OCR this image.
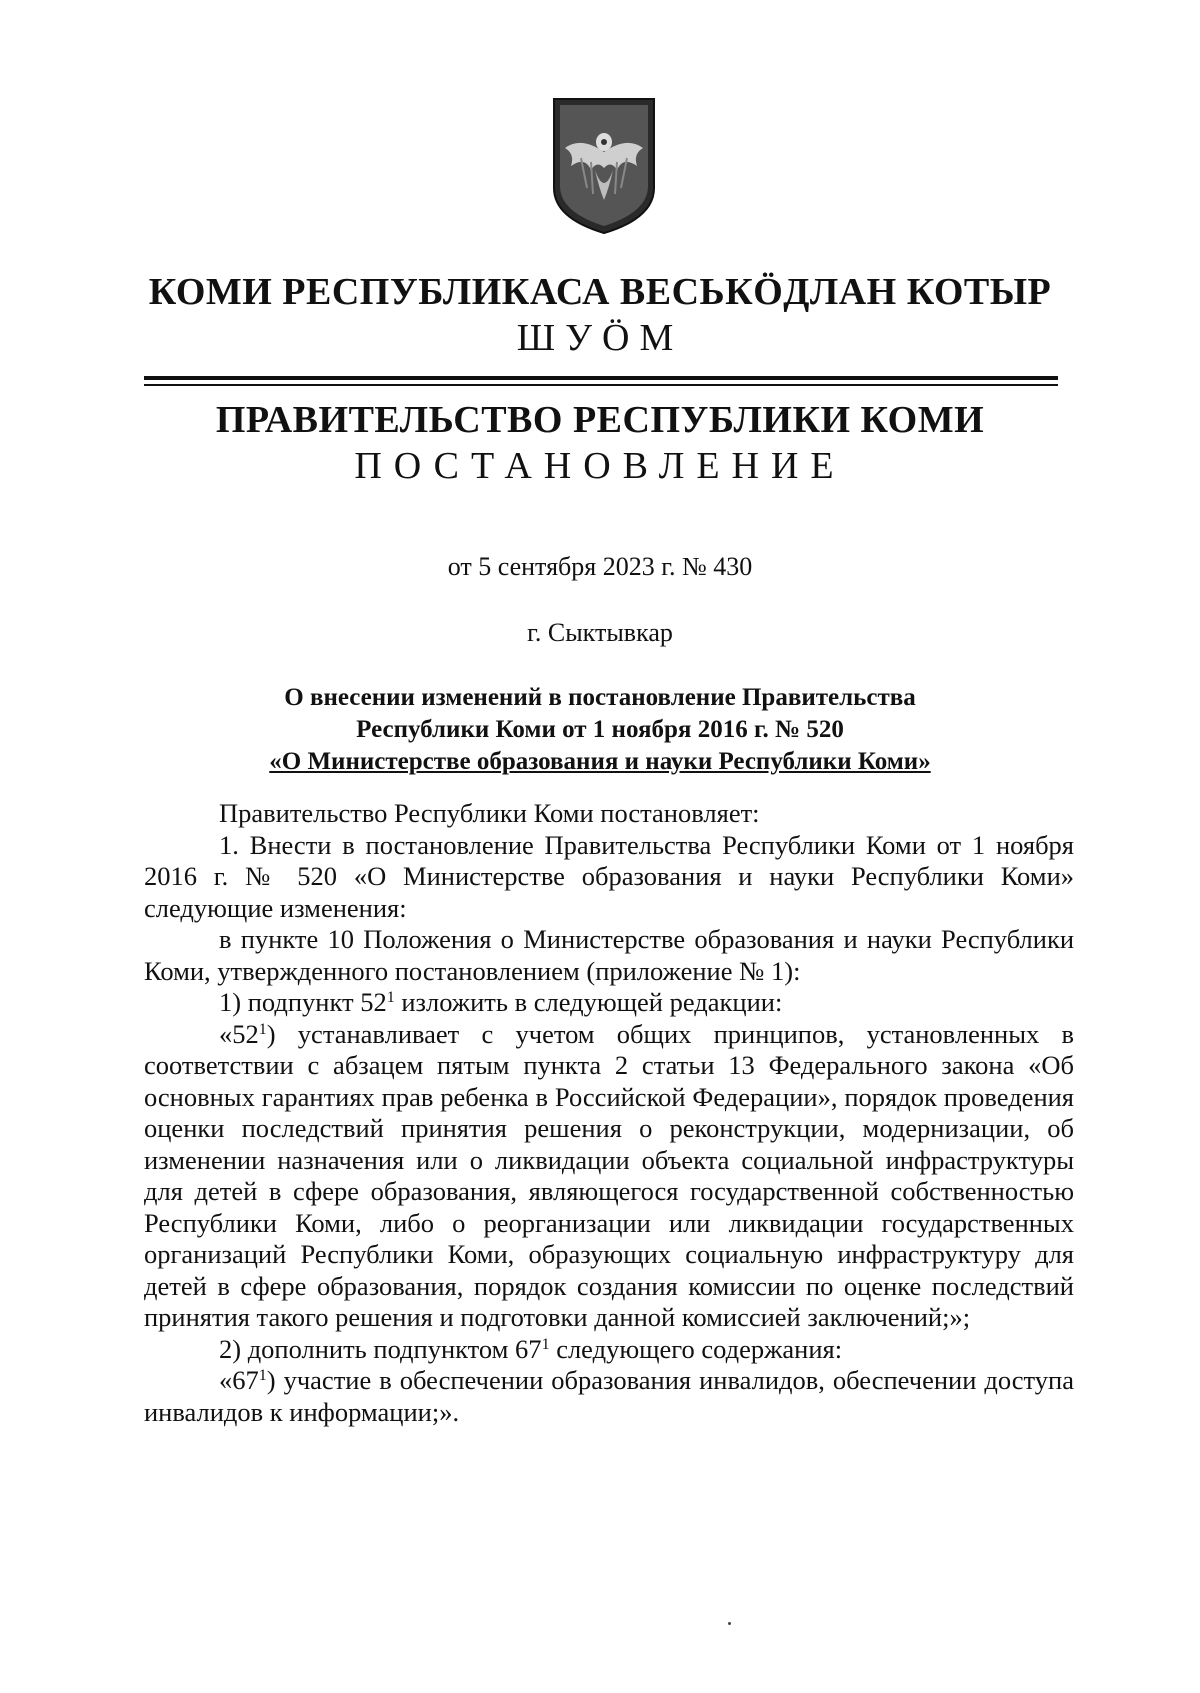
КОМИ РЕСПУБЛИКАСА ВЕСЬКÖДЛАН КОТЫР
ШУÖМ
ПРАВИТЕЛЬСТВО РЕСПУБЛИКИ КОМИ
ПОСТАНОВЛЕНИЕ
от 5 сентября 2023 г. № 430
г. Сыктывкар
О внесении изменений в постановление Правительства
Республики Коми от 1 ноября 2016 г. № 520
«О Министерстве образования и науки Республики Коми»

Правительство Республики Коми постановляет:

1. Внести в постановление Правительства Республики Коми от 1 ноября 2016 г. № 520 «О Министерстве образования и науки Республики Коми» следующие изменения:

в пункте 10 Положения о Министерстве образования и науки Республики Коми, утвержденного постановлением (приложение № 1):

1) подпункт $52^1$ изложить в следующей редакции:

«$52^1$) устанавливает с учетом общих принципов, установленных в соответствии с абзацем пятым пункта 2 статьи 13 Федерального закона «Об основных гарантиях прав ребенка в Российской Федерации», порядок проведения оценки последствий принятия решения о реконструкции, модернизации, об изменении назначения или о ликвидации объекта социальной инфраструктуры для детей в сфере образования, являющегося государственной собственностью Республики Коми, либо о реорганизации или ликвидации государственных организаций Республики Коми, образующих социальную инфраструктуру для детей в сфере образования, порядок создания комиссии по оценке последствий принятия такого решения и подготовки данной комиссией заключений;»;

2) дополнить подпунктом $67^1$ следующего содержания:

«$67^1$) участие в обеспечении образования инвалидов, обеспечении доступа инвалидов к информации;».
